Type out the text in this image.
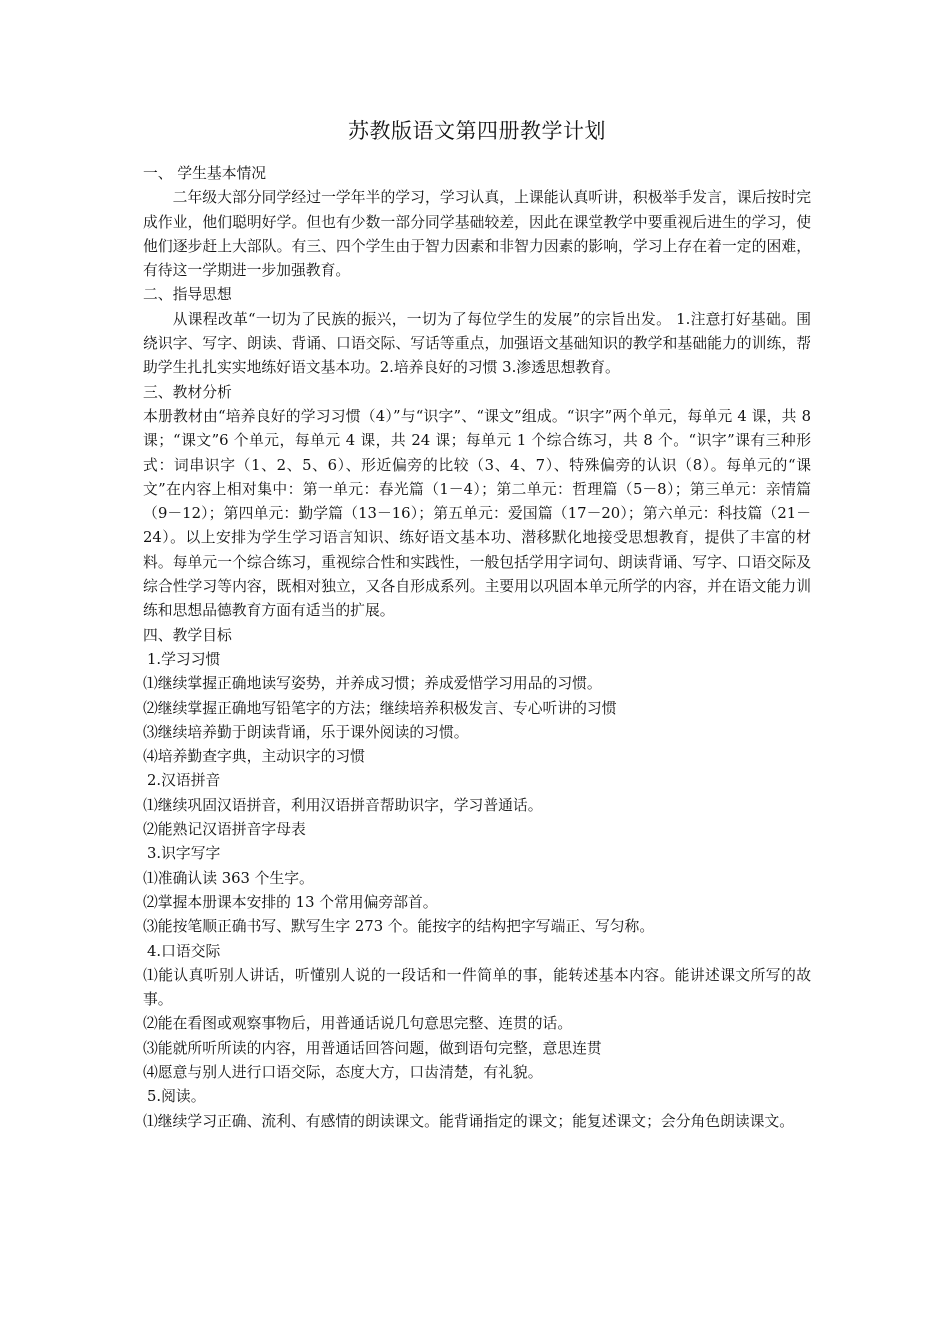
苏教版语文第四册教学计划

一、 学生基本情况

二年级大部分同学经过一学年半的学习，学习认真，上课能认真听讲，积极举手发言，课后按时完成作业，他们聪明好学。但也有少数一部分同学基础较差，因此在课堂教学中要重视后进生的学习，使他们逐步赶上大部队。有三、四个学生由于智力因素和非智力因素的影响，学习上存在着一定的困难，有待这一学期进一步加强教育。

二、指导思想

从课程改革“一切为了民族的振兴，一切为了每位学生的发展”的宗旨出发。 1.注意打好基础。围绕识字、写字、朗读、背诵、口语交际、写话等重点，加强语文基础知识的教学和基础能力的训练，帮助学生扎扎实实地练好语文基本功。2.培养良好的习惯 3.渗透思想教育。

三、教材分析

本册教材由“培养良好的学习习惯（4）”与“识字”、“课文”组成。“识字”两个单元，每单元 4 课，共 8 课；“课文”6 个单元，每单元 4 课，共 24 课；每单元 1 个综合练习，共 8 个。“识字”课有三种形式：词串识字（1、2、5、6）、形近偏旁的比较（3、4、7）、特殊偏旁的认识（8）。每单元的“课文”在内容上相对集中：第一单元：春光篇（1－4）；第二单元：哲理篇（5－8）；第三单元：亲情篇（9－12）；第四单元：勤学篇（13－16）；第五单元：爱国篇（17－20）；第六单元：科技篇（21－24）。以上安排为学生学习语言知识、练好语文基本功、潜移默化地接受思想教育，提供了丰富的材料。每单元一个综合练习，重视综合性和实践性，一般包括学用字词句、朗读背诵、写字、口语交际及综合性学习等内容，既相对独立，又各自形成系列。主要用以巩固本单元所学的内容，并在语文能力训练和思想品德教育方面有适当的扩展。

四、教学目标

1.学习习惯

⑴继续掌握正确地读写姿势，并养成习惯；养成爱惜学习用品的习惯。

⑵继续掌握正确地写铅笔字的方法；继续培养积极发言、专心听讲的习惯

⑶继续培养勤于朗读背诵，乐于课外阅读的习惯。

⑷培养勤查字典，主动识字的习惯

2.汉语拼音

⑴继续巩固汉语拼音，利用汉语拼音帮助识字，学习普通话。

⑵能熟记汉语拼音字母表

3.识字写字

⑴准确认读 363 个生字。

⑵掌握本册课本安排的 13 个常用偏旁部首。

⑶能按笔顺正确书写、默写生字 273 个。能按字的结构把字写端正、写匀称。

4.口语交际

⑴能认真听别人讲话，听懂别人说的一段话和一件简单的事，能转述基本内容。能讲述课文所写的故事。

⑵能在看图或观察事物后，用普通话说几句意思完整、连贯的话。

⑶能就所听所读的内容，用普通话回答问题，做到语句完整，意思连贯

⑷愿意与别人进行口语交际，态度大方，口齿清楚，有礼貌。

5.阅读。

⑴继续学习正确、流利、有感情的朗读课文。能背诵指定的课文；能复述课文；会分角色朗读课文。
